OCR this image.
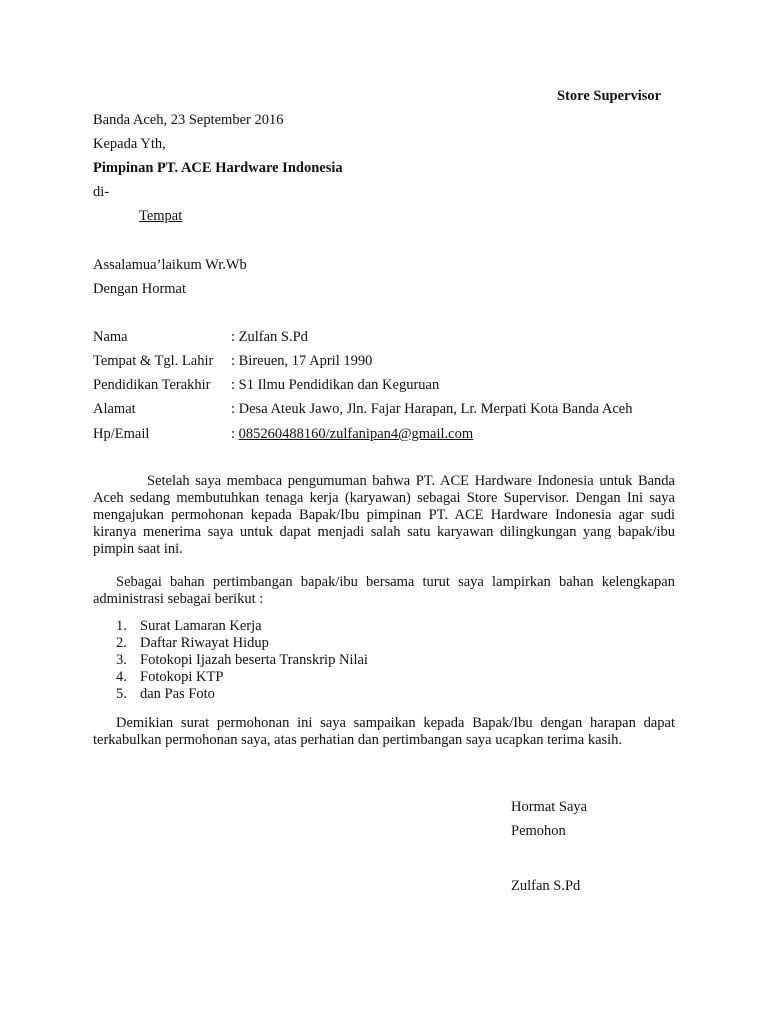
Store Supervisor
Banda Aceh, 23 September 2016
Kepada Yth,
Pimpinan PT. ACE Hardware Indonesia
di-
Tempat
Assalamua’laikum Wr.Wb
Dengan Hormat
Nama	: Zulfan S.Pd
Tempat & Tgl. Lahir : Bireuen, 17 April 1990
Pendidikan Terakhir : S1 Ilmu Pendidikan dan Keguruan
Alamat	: Desa Ateuk Jawo, Jln. Fajar Harapan, Lr. Merpati Kota Banda Aceh
Hp/Email	: 085260488160/zulfanipan4@gmail.com
Setelah saya membaca pengumuman bahwa PT. ACE Hardware Indonesia untuk Banda Aceh sedang membutuhkan tenaga kerja (karyawan) sebagai Store Supervisor. Dengan Ini saya mengajukan permohonan kepada Bapak/Ibu pimpinan PT. ACE Hardware Indonesia agar sudi kiranya menerima saya untuk dapat menjadi salah satu karyawan dilingkungan yang bapak/ibu pimpin saat ini.
Sebagai bahan pertimbangan bapak/ibu bersama turut saya lampirkan bahan kelengkapan administrasi sebagai berikut :
1. Surat Lamaran Kerja
2. Daftar Riwayat Hidup
3. Fotokopi Ijazah beserta Transkrip Nilai
4. Fotokopi KTP
5. dan Pas Foto
Demikian surat permohonan ini saya sampaikan kepada Bapak/Ibu dengan harapan dapat terkabulkan permohonan saya, atas perhatian dan pertimbangan saya ucapkan terima kasih.
Hormat Saya
Pemohon
Zulfan S.Pd
